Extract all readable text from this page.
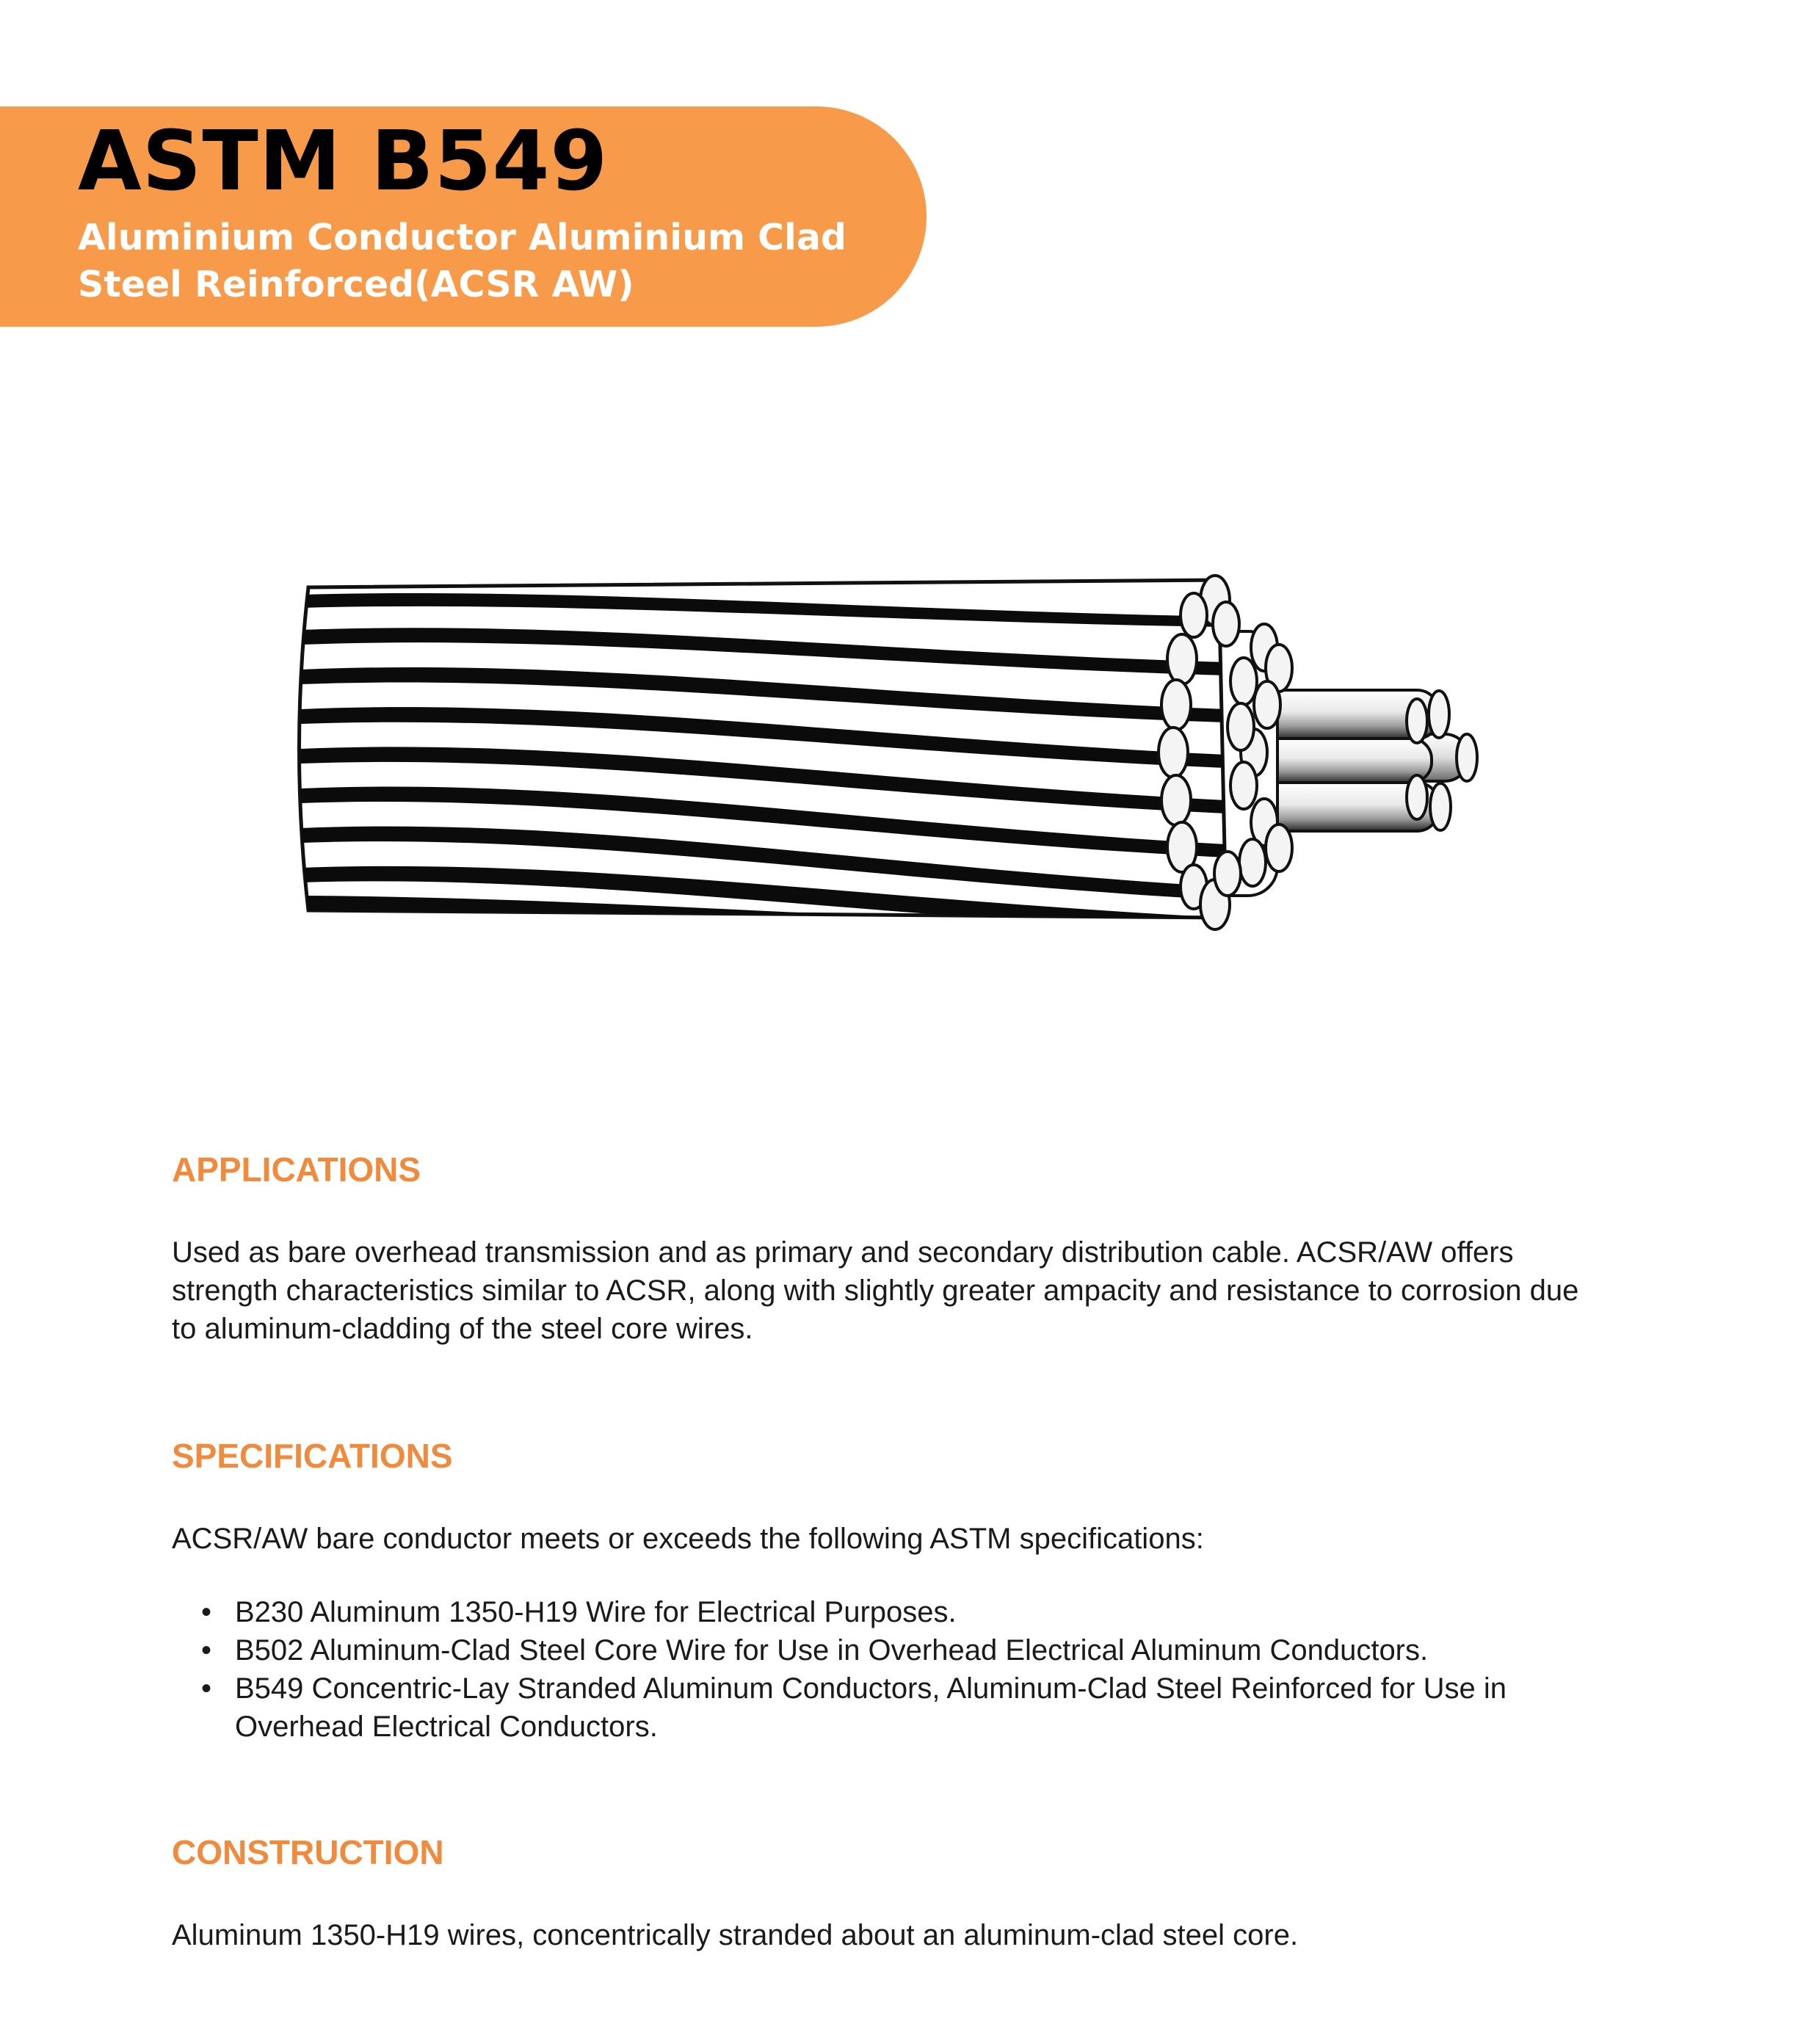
ASTM B549
Aluminium Conductor Aluminium Clad
Steel Reinforced(ACSR AW)
APPLICATIONS
Used as bare overhead transmission and as primary and secondary distribution cable. ACSR/AW offers
strength characteristics similar to ACSR, along with slightly greater ampacity and resistance to corrosion due
to aluminum-cladding of the steel core wires.
SPECIFICATIONS

ACSR/AW bare conductor meets or exceeds the following ASTM specifications:

• B230 Aluminum 1350-H19 Wire for Electrical Purposes.
• B502 Aluminum-Clad Steel Core Wire for Use in Overhead Electrical Aluminum Conductors.
• B549 Concentric-Lay Stranded Aluminum Conductors, Aluminum-Clad Steel Reinforced for Use in
Overhead Electrical Conductors.
CONSTRUCTION

Aluminum 1350-H19 wires, concentrically stranded about an aluminum-clad steel core.
